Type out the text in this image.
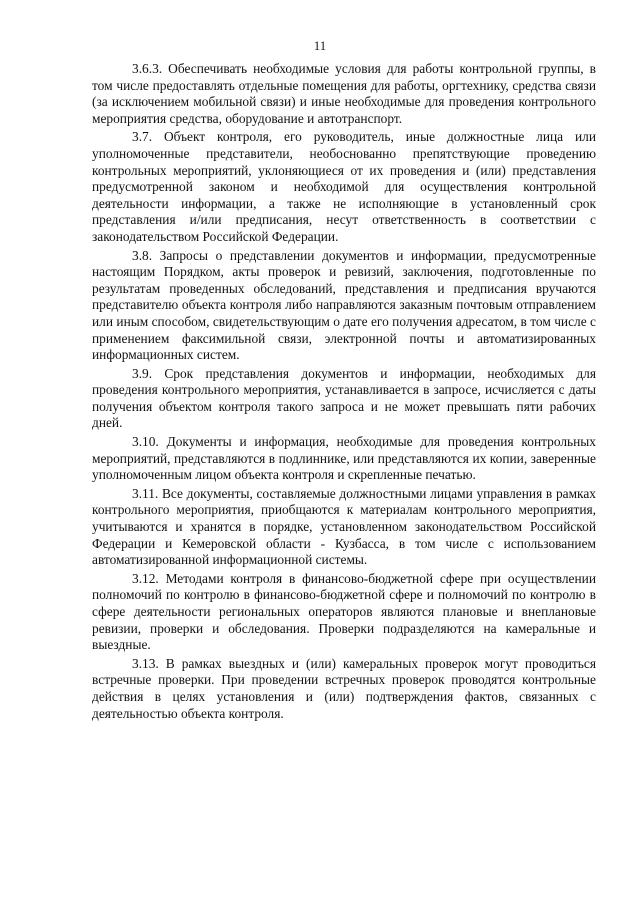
11

3.6.3. Обеспечивать необходимые условия для работы контрольной группы, в том числе предоставлять отдельные помещения для работы, оргтехнику, средства связи (за исключением мобильной связи) и иные необходимые для проведения контрольного мероприятия средства, оборудование и автотранспорт.

3.7. Объект контроля, его руководитель, иные должностные лица или уполномоченные представители, необоснованно препятствующие проведению контрольных мероприятий, уклоняющиеся от их проведения и (или) представления предусмотренной законом и необходимой для осуществления контрольной деятельности информации, а также не исполняющие в установленный срок представления и/или предписания, несут ответственность в соответствии с законодательством Российской Федерации.

3.8. Запросы о представлении документов и информации, предусмотренные настоящим Порядком, акты проверок и ревизий, заключения, подготовленные по результатам проведенных обследований, представления и предписания вручаются представителю объекта контроля либо направляются заказным почтовым отправлением или иным способом, свидетельствующим о дате его получения адресатом, в том числе с применением факсимильной связи, электронной почты и автоматизированных информационных систем.

3.9. Срок представления документов и информации, необходимых для проведения контрольного мероприятия, устанавливается в запросе, исчисляется с даты получения объектом контроля такого запроса и не может превышать пяти рабочих дней.

3.10. Документы и информация, необходимые для проведения контрольных мероприятий, представляются в подлиннике, или представляются их копии, заверенные уполномоченным лицом объекта контроля и скрепленные печатью.

3.11. Все документы, составляемые должностными лицами управления в рамках контрольного мероприятия, приобщаются к материалам контрольного мероприятия, учитываются и хранятся в порядке, установленном законодательством Российской Федерации и Кемеровской области - Кузбасса, в том числе с использованием автоматизированной информационной системы.

3.12. Методами контроля в финансово-бюджетной сфере при осуществлении полномочий по контролю в финансово-бюджетной сфере и полномочий по контролю в сфере деятельности региональных операторов являются плановые и внеплановые ревизии, проверки и обследования. Проверки подразделяются на камеральные и выездные.

3.13. В рамках выездных и (или) камеральных проверок могут проводиться встречные проверки. При проведении встречных проверок проводятся контрольные действия в целях установления и (или) подтверждения фактов, связанных с деятельностью объекта контроля.
